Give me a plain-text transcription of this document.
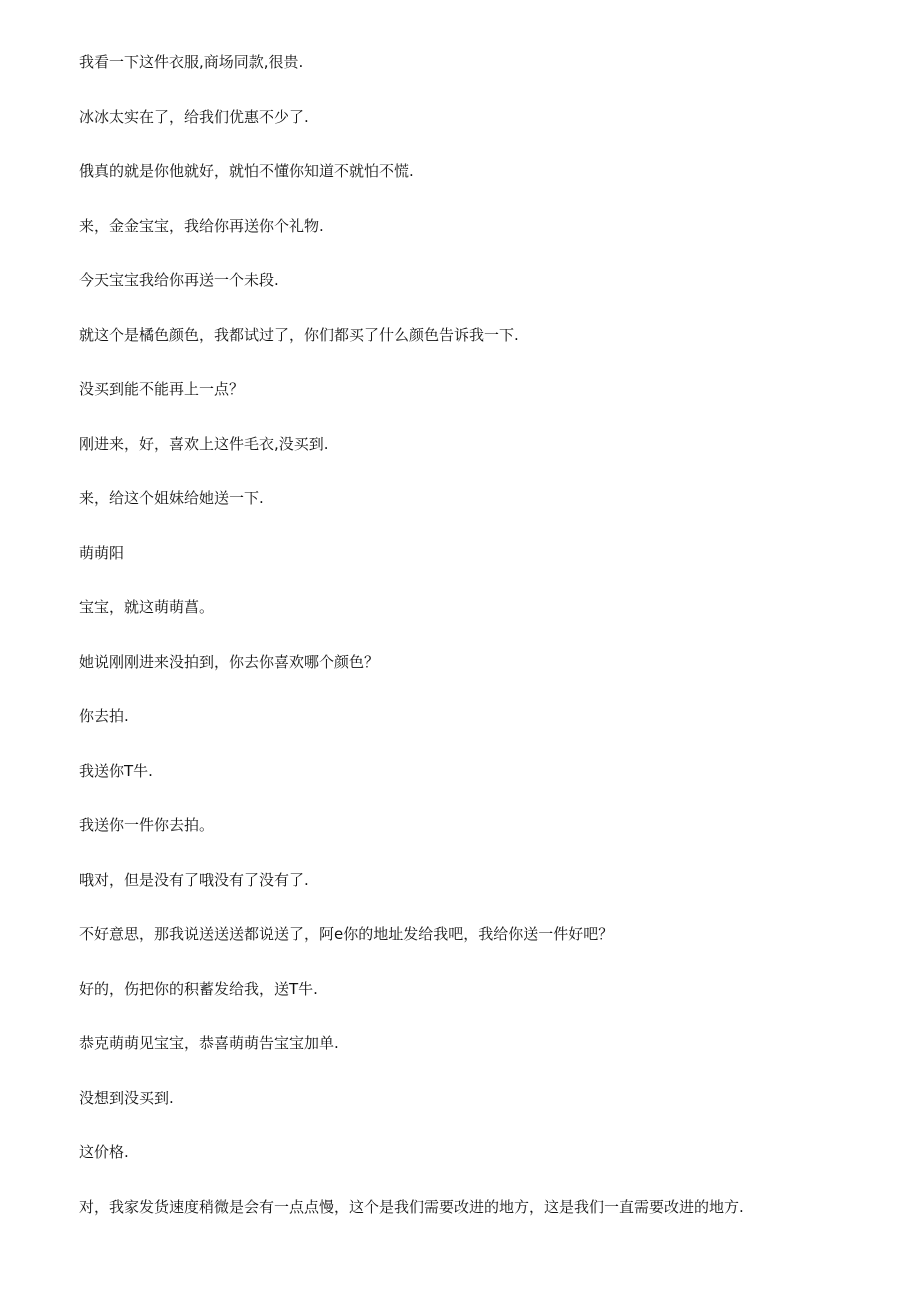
我看一下这件衣服,商场同款,很贵.
冰冰太实在了，给我们优惠不少了.
俄真的就是你他就好，就怕不懂你知道不就怕不慌.
来，金金宝宝，我给你再送你个礼物.
今天宝宝我给你再送一个未段.
就这个是橘色颜色，我都试过了，你们都买了什么颜色告诉我一下.
没买到能不能再上一点？
刚进来，好，喜欢上这件毛衣,没买到.
来，给这个姐妹给她送一下.
萌萌阳
宝宝，就这萌萌菖。
她说刚刚进来没拍到，你去你喜欢哪个颜色？
你去拍.
我送你T牛.
我送你一件你去拍。
哦对，但是没有了哦没有了没有了.
不好意思，那我说送送送都说送了，阿e你的地址发给我吧，我给你送一件好吧？
好的，伤把你的积蓄发给我，送T牛.
恭克萌萌见宝宝，恭喜萌萌告宝宝加单.
没想到没买到.
这价格.
对，我家发货速度稍微是会有一点点慢，这个是我们需要改进的地方，这是我们一直需要改进的地方.
